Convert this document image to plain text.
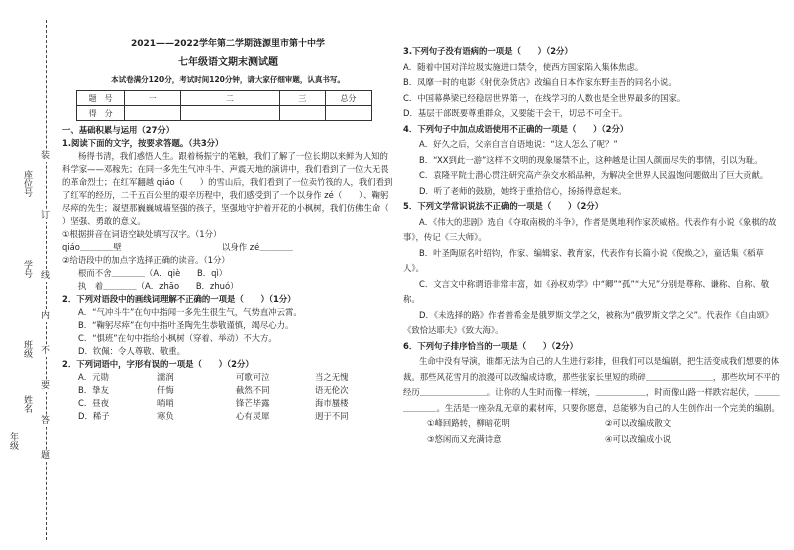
座位号
学号
班级
姓名
年级
装
订
线
内
不
要
答
题
2021——2022学年第二学期涟源里市第十中学
七年级语文期末测试题
本试卷满分120分，考试时间120分钟，请大家仔细审题，认真书写。
题　号	一	二	三	总分
得　分				

一、基础积累与运用（27分）

1.阅读下面的文字，按要求答题。（共3分）

杨得书清，我们惑悟人生。跟着杨振宁的笔触，我们了解了一位长期以来鲜为人知的科学家——邓稼先；在同一多先生气冲斗牛、声震天地的演讲中，我们看到了一位大无畏的革命烈士；在红军翻越 qiáo（　　）的雪山后，我们看到了一位卖竹筏的人，我们看到了红军的经历，二千五百公里的艰辛历程中，我们感受到了一个以身作 zé（　　）、鞠躬尽瘁的先生；凝望那巍巍城墙坚强的孩子，坚强地守护着开花的小枫树，我们仿佛生命（ ）坚强、勇敢的意义。

①根据拼音在词语空缺处填写汉字。（1分）

qiáo＿＿＿＿壁	以身作 zé＿＿＿＿

②给语段中的加点字选择正确的读音。（1分）

根而不舍＿＿＿＿（A．qiè　　B．qì）

执　着＿＿＿＿（A．zhāo　　B．zhuó）

2．下列对语段中的画线词理解不正确的一项是（　　）（1分）

A．“气冲斗牛”在句中指闻一多先生很生气，气势直冲云霄。

B．“鞠躬尽瘁”在句中指叶圣陶先生恭敬谨慎，竭尽心力。

C．“惧班”在句中指给小枫树（穿着、举动）不大方。

D．钦佩：令人尊敬、敬重。

2．下列词语中，字形有误的一项是（　　）（2分）

A．元勋	濡润	可歌可泣	当之无愧
B．挚友	仟悔	截然不同	语无伦次
C．昼夜	哨哨	锋芒毕露	海市蜃楼
D．稀子	寒负	心有灵犀	迥于不同

3.下列句子没有语病的一项是（　　）（2分）

A．随着中国对洋垃圾实施进口禁令，使西方国家陷入集体焦虑。

B．凤靡一时的电影《射优杂货店》改编自日本作家东野圭吾的同名小说。

C．中国幕鼻梁已经稳居世界第一，在线学习的人数也是全世界最多的国家。

D．基层干部既要尊重群众，又要能干会干，切忌不可全干。

4．下列句子中加点成语使用不正确的一项是（　　）（2分）

A．好久之后，父亲自言自语地说：“这人怎么了呢？”

B．“XX到此一游”这样不文明的现象屡禁不止，这种越是让国人颜面尽失的事情，引以为耻。

C．袁隆平院士潜心贯注研究高产杂交水稻品种，为解决全世界人民温饱问题做出了巨大贡献。

D．听了老师的鼓励，她终于重拾信心，扬扬得意起来。

5．下列文学常识说法不正确的一项是（　　）（2分）

A．《伟大的悲剧》选自《夺取南极的斗争》，作者是奥地利作家茨威格。代表作有小说《象棋的故事》，传记《三大师》。

B．叶圣陶原名叶绍钧，作家、编辑家、教育家，代表作有长篇小说《倪焕之》，童话集《稻草人》。

C．文言文中称谓语非常丰富，如《孙权劝学》中“卿”“孤”“大兄”分别是尊称、谦称、自称、敬称。

D．《未选择的路》作者普希金是俄罗斯文学之父，被称为“俄罗斯文学之父”。代表作《自由颂》《致恰达耶夫》《致大海》。

6．下列句子排序恰当的一项是（　　）（2分）

生命中没有导演，谁都无法为自己的人生进行彩排，但我们可以是编剧，把生活变成我们想要的体裁。那些风花雪月的浪漫可以改编成诗歌，那些张家长里短的琐碎＿＿＿＿＿＿＿＿，那些坎坷不平的经历＿＿＿＿＿＿＿＿。让你的人生时而像一样统，＿＿＿＿＿＿，时而像山路一样跌宕起伏，＿＿＿＿＿＿＿。生活是一座杂乱无章的素材库，只要你愿意，总能够为自己的人生创作出一个完美的编剧。

①峰回路转，柳暗花明	②可以改编成散文
③悠闲而又充满诗意	④可以改编成小说
